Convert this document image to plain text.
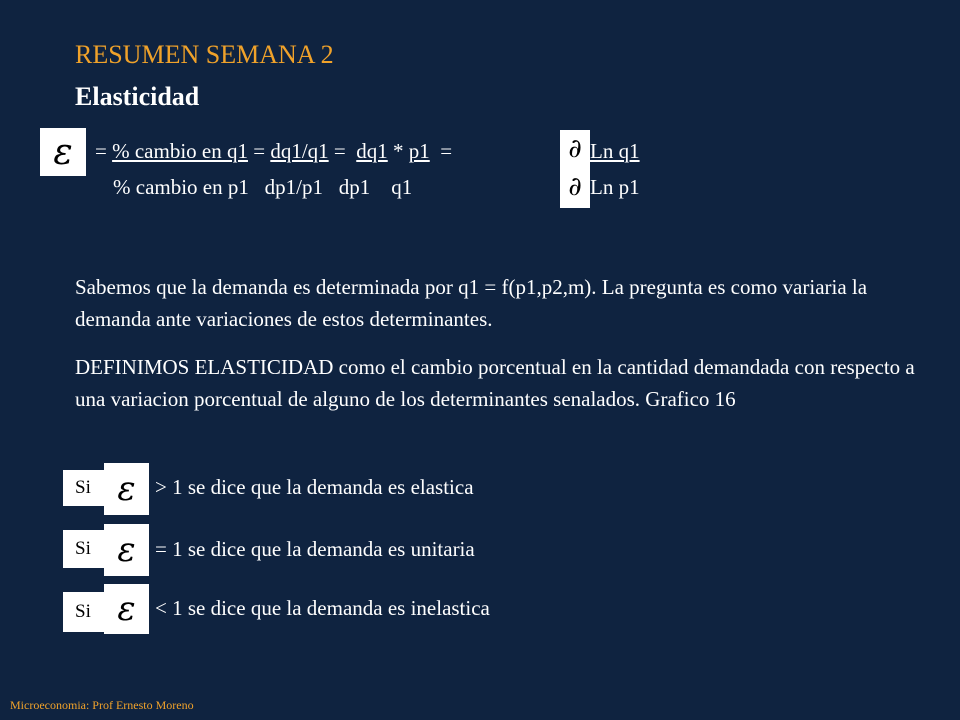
RESUMEN SEMANA 2
Elasticidad
ε = % cambio en q1 = dq1/q1 = dq1 * p1 =	∂
∂
Ln q1
% cambio en p1 dp1/p1 dp1 q1	Ln p1
Sabemos que la demanda es determinada por q1 = f(p1,p2,m). La pregunta es como variaria la demanda ante variaciones de estos determinantes.
DEFINIMOS ELASTICIDAD como el cambio porcentual en la cantidad demandada con respecto a una variacion porcentual de alguno de los determinantes senalados. Grafico 16
Si ε > 1 se dice que la demanda es elastica
Si ε = 1 se dice que la demanda es unitaria
Si ε < 1 se dice que la demanda es inelastica
Microeconomia: Prof Ernesto Moreno
